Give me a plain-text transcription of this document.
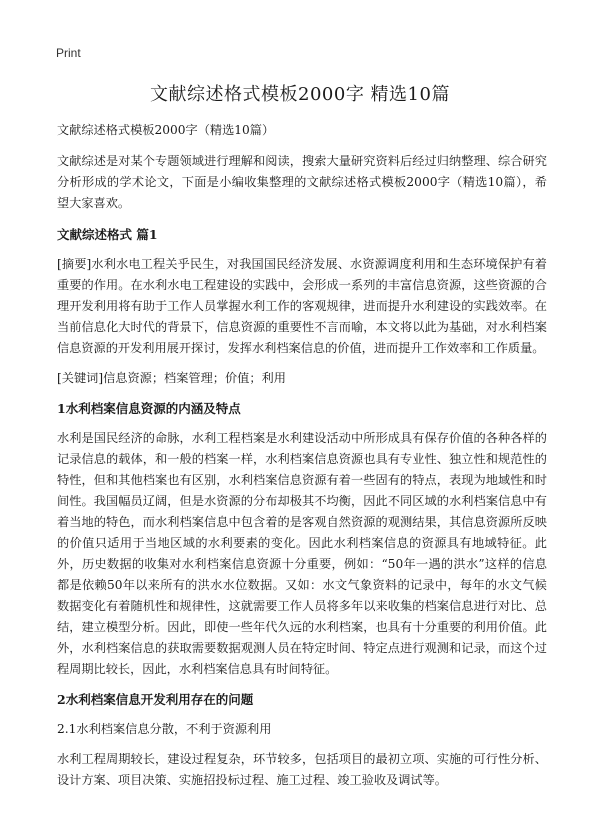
Print
文献综述格式模板2000字 精选10篇

文献综述格式模板2000字（精选10篇）

文献综述是对某个专题领域进行理解和阅读，搜索大量研究资料后经过归纳整理、综合研究分析形成的学术论文，下面是小编收集整理的文献综述格式模板2000字（精选10篇），希望大家喜欢。

文献综述格式 篇1

[摘要]水利水电工程关乎民生，对我国国民经济发展、水资源调度利用和生态环境保护有着重要的作用。在水利水电工程建设的实践中，会形成一系列的丰富信息资源，这些资源的合理开发利用将有助于工作人员掌握水利工作的客观规律，进而提升水利建设的实践效率。在当前信息化大时代的背景下，信息资源的重要性不言而喻，本文将以此为基础，对水利档案信息资源的开发利用展开探讨，发挥水利档案信息的价值，进而提升工作效率和工作质量。

[关键词]信息资源；档案管理；价值；利用

1水利档案信息资源的内涵及特点

水利是国民经济的命脉，水利工程档案是水利建设活动中所形成具有保存价值的各种各样的记录信息的载体，和一般的档案一样，水利档案信息资源也具有专业性、独立性和规范性的特性，但和其他档案也有区别，水利档案信息资源有着一些固有的特点，表现为地域性和时间性。我国幅员辽阔，但是水资源的分布却极其不均衡，因此不同区域的水利档案信息中有着当地的特色，而水利档案信息中包含着的是客观自然资源的观测结果，其信息资源所反映的价值只适用于当地区域的水利要素的变化。因此水利档案信息的资源具有地域特征。此外，历史数据的收集对水利档案信息资源十分重要，例如：“50年一遇的洪水”这样的信息都是依赖50年以来所有的洪水水位数据。又如：水文气象资料的记录中，每年的水文气候数据变化有着随机性和规律性，这就需要工作人员将多年以来收集的档案信息进行对比、总结，建立模型分析。因此，即使一些年代久远的水利档案，也具有十分重要的利用价值。此外，水利档案信息的获取需要数据观测人员在特定时间、特定点进行观测和记录，而这个过程周期比较长，因此，水利档案信息具有时间特征。

2水利档案信息开发利用存在的问题

2.1水利档案信息分散，不利于资源利用

水利工程周期较长，建设过程复杂，环节较多，包括项目的最初立项、实施的可行性分析、设计方案、项目决策、实施招投标过程、施工过程、竣工验收及调试等。
